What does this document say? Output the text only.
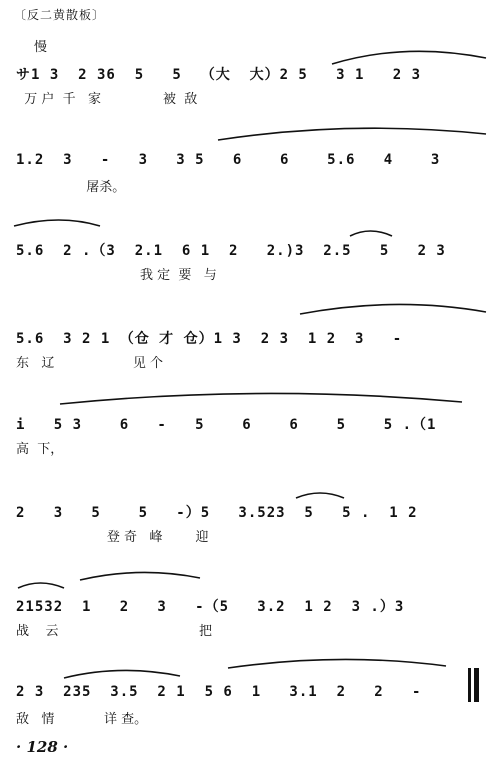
〔反二黄散板〕
慢
サ1 3  2 36  5   5  （大  大）2 5   3 1   2 3
万 户  千   家               被  敌
1.2  3   -   3   3 5   6    6    5.6   4    3
屠杀。
5.6  2 .（3  2.1  6 1  2   2.)3  2.5   5   2 3
我 定  要   与
5.6  3 2 1 （仓 才 仓）1 3  2 3  1 2  3   -
东   辽                   见 个
i   5 3    6   -   5    6    6    5    5 .（1
高  下，
2   3   5    5   -）5   3.523  5   5 .  1 2
登 奇   峰        迎
21532  1   2   3   -（5   3.2  1 2  3 .）3
战    云                                  把
2 3  235  3.5  2 1  5 6  1   3.1  2   2   -
敌   情            详 查。
· 128 ·
